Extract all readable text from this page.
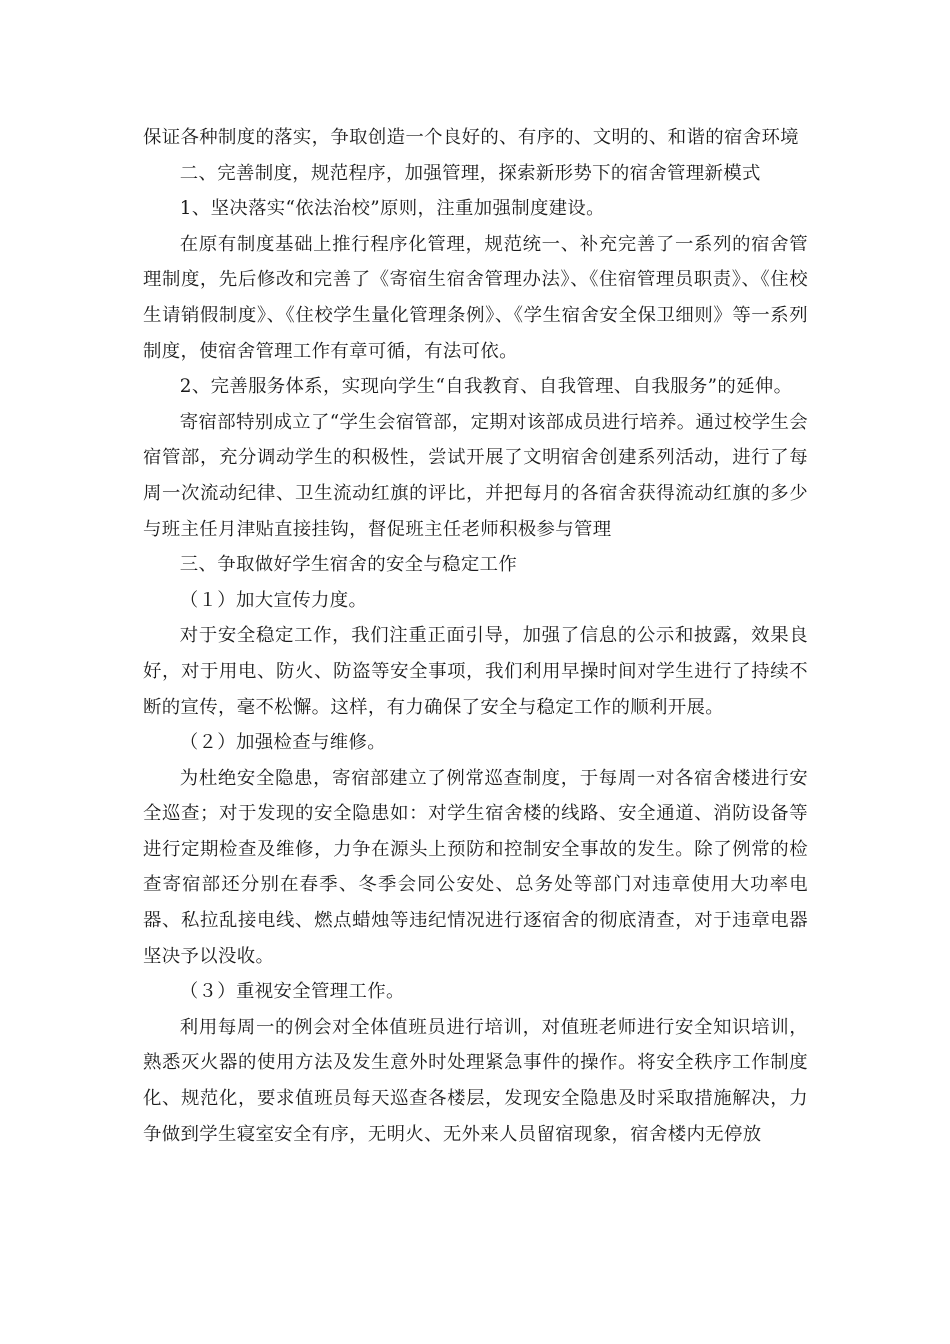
保证各种制度的落实，争取创造一个良好的、有序的、文明的、和谐的宿舍环境

二、完善制度，规范程序，加强管理，探索新形势下的宿舍管理新模式

1、坚决落实“依法治校”原则，注重加强制度建设。

在原有制度基础上推行程序化管理，规范统一、补充完善了一系列的宿舍管理制度，先后修改和完善了《寄宿生宿舍管理办法》、《住宿管理员职责》、《住校生请销假制度》、《住校学生量化管理条例》、《学生宿舍安全保卫细则》等一系列制度，使宿舍管理工作有章可循，有法可依。

2、完善服务体系，实现向学生“自我教育、自我管理、自我服务”的延伸。

寄宿部特别成立了“学生会宿管部，定期对该部成员进行培养。通过校学生会宿管部，充分调动学生的积极性，尝试开展了文明宿舍创建系列活动，进行了每周一次流动纪律、卫生流动红旗的评比，并把每月的各宿舍获得流动红旗的多少与班主任月津贴直接挂钩，督促班主任老师积极参与管理

三、争取做好学生宿舍的安全与稳定工作

（１）加大宣传力度。

对于安全稳定工作，我们注重正面引导，加强了信息的公示和披露，效果良好，对于用电、防火、防盗等安全事项，我们利用早操时间对学生进行了持续不断的宣传，毫不松懈。这样，有力确保了安全与稳定工作的顺利开展。

（２）加强检查与维修。

为杜绝安全隐患，寄宿部建立了例常巡查制度，于每周一对各宿舍楼进行安全巡查；对于发现的安全隐患如：对学生宿舍楼的线路、安全通道、消防设备等进行定期检查及维修，力争在源头上预防和控制安全事故的发生。除了例常的检查寄宿部还分别在春季、冬季会同公安处、总务处等部门对违章使用大功率电器、私拉乱接电线、燃点蜡烛等违纪情况进行逐宿舍的彻底清查，对于违章电器坚决予以没收。

（３）重视安全管理工作。

利用每周一的例会对全体值班员进行培训，对值班老师进行安全知识培训，熟悉灭火器的使用方法及发生意外时处理紧急事件的操作。将安全秩序工作制度化、规范化，要求值班员每天巡查各楼层，发现安全隐患及时采取措施解决，力争做到学生寝室安全有序，无明火、无外来人员留宿现象，宿舍楼内无停放
